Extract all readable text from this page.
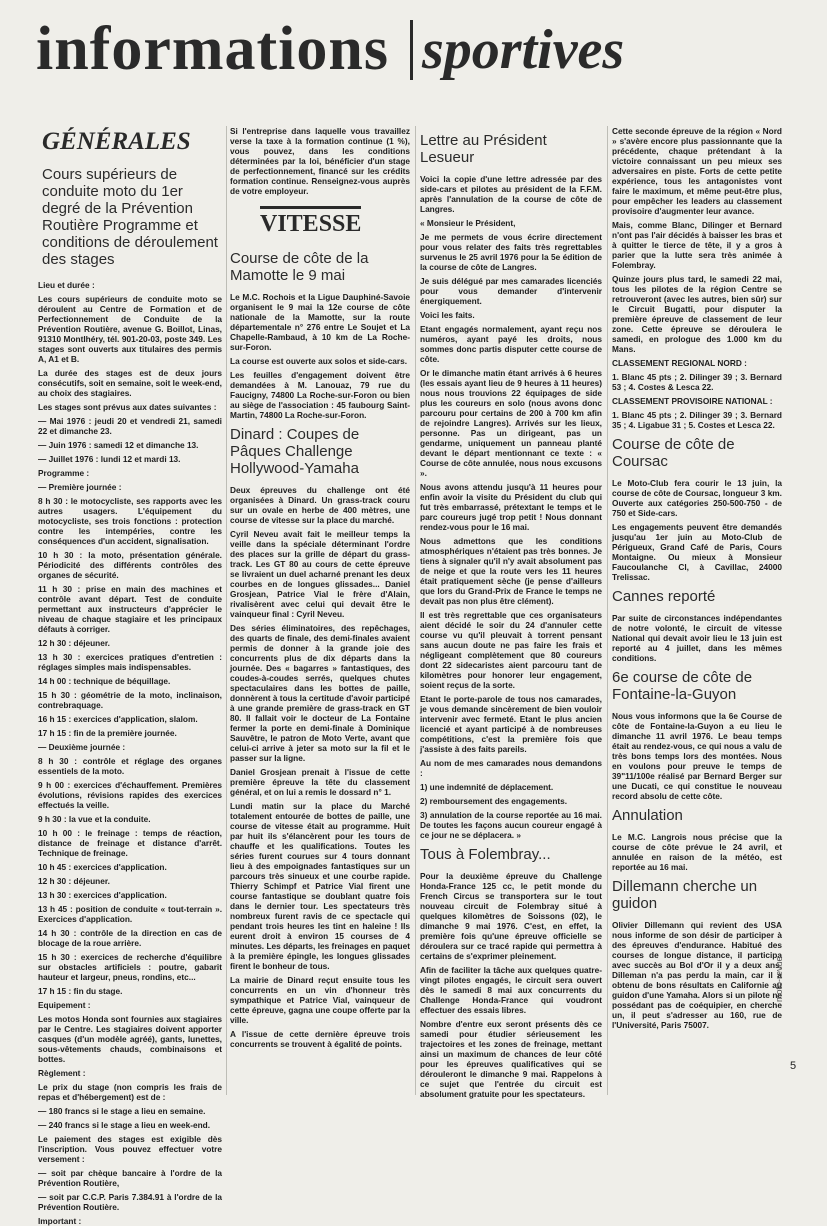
informations sportives
GÉNÉRALES
Cours supérieurs de conduite moto du 1er degré de la Prévention Routière Programme et conditions de déroulement des stages

Lieu et durée :

Les cours supérieurs de conduite moto se déroulent au Centre de Formation et de Perfectionnement de Conduite de la Prévention Routière, avenue G. Boillot, Linas, 91310 Montlhéry, tél. 901-20-03, poste 349. Les stages sont ouverts aux titulaires des permis A, A1 et B.

La durée des stages est de deux jours consécutifs, soit en semaine, soit le week-end, au choix des stagiaires.

Les stages sont prévus aux dates suivantes :

— Mai 1976 : jeudi 20 et vendredi 21, samedi 22 et dimanche 23.

— Juin 1976 : samedi 12 et dimanche 13.

— Juillet 1976 : lundi 12 et mardi 13.

Programme :

— Première journée :

8 h 30 : le motocycliste, ses rapports avec les autres usagers. L'équipement du motocycliste, ses trois fonctions : protection contre les intempéries, contre les conséquences d'un accident, signalisation.

10 h 30 : la moto, présentation générale. Périodicité des différents contrôles des organes de sécurité.

11 h 30 : prise en main des machines et contrôle avant départ. Test de conduite permettant aux instructeurs d'apprécier le niveau de chaque stagiaire et les principaux défauts à corriger.

12 h 30 : déjeuner.

13 h 30 : exercices pratiques d'entretien : réglages simples mais indispensables.

14 h 00 : technique de béquillage.

15 h 30 : géométrie de la moto, inclinaison, contrebraquage.

16 h 15 : exercices d'application, slalom.

17 h 15 : fin de la première journée.

— Deuxième journée :

8 h 30 : contrôle et réglage des organes essentiels de la moto.

9 h 00 : exercices d'échauffement. Premières évolutions, révisions rapides des exercices effectués la veille.

9 h 30 : la vue et la conduite.

10 h 00 : le freinage : temps de réaction, distance de freinage et distance d'arrêt. Technique de freinage.

10 h 45 : exercices d'application.

12 h 30 : déjeuner.

13 h 30 : exercices d'application.

13 h 45 : position de conduite « tout-terrain ». Exercices d'application.

14 h 30 : contrôle de la direction en cas de blocage de la roue arrière.

15 h 30 : exercices de recherche d'équilibre sur obstacles artificiels : poutre, gabarit hauteur et largeur, pneus, rondins, etc...

17 h 15 : fin du stage.

Equipement :

Les motos Honda sont fournies aux stagiaires par le Centre. Les stagiaires doivent apporter casques (d'un modèle agréé), gants, lunettes, sous-vêtements chauds, combinaisons et bottes.

Règlement :

Le prix du stage (non compris les frais de repas et d'hébergement) est de :

— 180 francs si le stage a lieu en semaine.

— 240 francs si le stage a lieu en week-end.

Le paiement des stages est exigible dès l'inscription. Vous pouvez effectuer votre versement :

— soit par chèque bancaire à l'ordre de la Prévention Routière,

— soit par C.C.P. Paris 7.384.91 à l'ordre de la Prévention Routière.

Important :

Si l'entreprise dans laquelle vous travaillez verse la taxe à la formation continue (1 %), vous pouvez, dans les conditions déterminées par la loi, bénéficier d'un stage de perfectionnement, financé sur les crédits formation continue. Renseignez-vous auprès de votre employeur.

VITESSE
Course de côte de la Mamotte le 9 mai

Le M.C. Rochois et la Ligue Dauphiné-Savoie organisent le 9 mai la 12e course de côte nationale de la Mamotte, sur la route départementale n° 276 entre Le Soujet et La Chapelle-Rambaud, à 10 km de La Roche-sur-Foron.

La course est ouverte aux solos et side-cars.

Les feuilles d'engagement doivent être demandées à M. Lanouaz, 79 rue du Faucigny, 74800 La Roche-sur-Foron ou bien au siège de l'association : 45 faubourg Saint-Martin, 74800 La Roche-sur-Foron.

Dinard : Coupes de Pâques Challenge Hollywood-Yamaha

Deux épreuves du challenge ont été organisées à Dinard. Un grass-track couru sur un ovale en herbe de 400 mètres, une course de vitesse sur la place du marché.

Cyril Neveu avait fait le meilleur temps la veille dans la spéciale déterminant l'ordre des places sur la grille de départ du grass-track. Les GT 80 au cours de cette épreuve se livraient un duel acharné prenant les deux courbes en de longues glissades... Daniel Grosjean, Patrice Vial le frère d'Alain, rivalisèrent avec celui qui devait être le vainqueur final : Cyril Neveu.

Des séries éliminatoires, des repêchages, des quarts de finale, des demi-finales avaient permis de donner à la grande joie des concurrents plus de dix départs dans la journée. Des « bagarres » fantastiques, des coudes-à-coudes serrés, quelques chutes spectaculaires dans les bottes de paille, donnèrent à tous la certitude d'avoir participé à une grande première de grass-track en GT 80. Il fallait voir le docteur de La Fontaine fermer la porte en demi-finale à Dominique Sauvêtre, le patron de Moto Verte, avant que celui-ci arrive à jeter sa moto sur la fil et le passer sur la ligne.

Daniel Grosjean prenait à l'issue de cette première épreuve la tête du classement général, et on lui a remis le dossard n° 1.

Lundi matin sur la place du Marché totalement entourée de bottes de paille, une course de vitesse était au programme. Huit par huit ils s'élancèrent pour les tours de chauffe et les qualifications. Toutes les séries furent courues sur 4 tours donnant lieu à des empoignades fantastiques sur un parcours très sinueux et une courbe rapide. Thierry Schimpf et Patrice Vial firent une course fantastique se doublant quatre fois dans le dernier tour. Les spectateurs très nombreux furent ravis de ce spectacle qui pendant trois heures les tint en haleine ! Ils eurent droit à environ 15 courses de 4 minutes. Les départs, les freinages en paquet à la première épingle, les longues glissades firent le bonheur de tous.

La mairie de Dinard reçut ensuite tous les concurrents en un vin d'honneur très sympathique et Patrice Vial, vainqueur de cette épreuve, gagna une coupe offerte par la ville.

A l'issue de cette dernière épreuve trois concurrents se trouvent à égalité de points.

Lettre au Président Lesueur

Voici la copie d'une lettre adressée par des side-cars et pilotes au président de la F.F.M. après l'annulation de la course de côte de Langres.

« Monsieur le Président,

Je me permets de vous écrire directement pour vous relater des faits très regrettables survenus le 25 avril 1976 pour la 5e édition de la course de côte de Langres.

Je suis délégué par mes camarades licenciés pour vous demander d'intervenir énergiquement.

Voici les faits.

Etant engagés normalement, ayant reçu nos numéros, ayant payé les droits, nous sommes donc partis disputer cette course de côte.

Or le dimanche matin étant arrivés à 6 heures (les essais ayant lieu de 9 heures à 11 heures) nous nous trouvions 22 équipages de side plus les coureurs en solo (nous avons donc parcouru pour certains de 200 à 700 km afin de rejoindre Langres). Arrivés sur les lieux, personne. Pas un dirigeant, pas un gendarme, uniquement un panneau planté devant le départ mentionnant ce texte : « Course de côte annulée, nous nous excusons ».

Nous avons attendu jusqu'à 11 heures pour enfin avoir la visite du Président du club qui fut très embarrassé, prétextant le temps et le parc coureurs jugé trop petit ! Nous donnant rendez-vous pour le 16 mai.

Nous admettons que les conditions atmosphériques n'étaient pas très bonnes. Je tiens à signaler qu'il n'y avait absolument pas de neige et que la route vers les 11 heures était pratiquement sèche (je pense d'ailleurs que lors du Grand-Prix de France le temps ne devait pas non plus être clément).

Il est très regrettable que ces organisateurs aient décidé le soir du 24 d'annuler cette course vu qu'il pleuvait à torrent pensant sans aucun doute ne pas faire les frais et négligeant complètement que 80 coureurs dont 22 sidecaristes aient parcouru tant de kilomètres pour honorer leur engagement, soient reçus de la sorte.

Etant le porte-parole de tous nos camarades, je vous demande sincèrement de bien vouloir intervenir avec fermeté. Etant le plus ancien licencié et ayant participé à de nombreuses compétitions, c'est la première fois que j'assiste à des faits pareils.

Au nom de mes camarades nous demandons :

1) une indemnité de déplacement.

2) remboursement des engagements.

3) annulation de la course reportée au 16 mai. De toutes les façons aucun coureur engagé à ce jour ne se déplacera. »

Tous à Folembray...

Pour la deuxième épreuve du Challenge Honda-France 125 cc, le petit monde du French Circus se transportera sur le tout nouveau circuit de Folembray situé à quelques kilomètres de Soissons (02), le dimanche 9 mai 1976. C'est, en effet, la première fois qu'une épreuve officielle se déroulera sur ce tracé rapide qui permettra à certains de s'exprimer pleinement.

Afin de faciliter la tâche aux quelques quatre-vingt pilotes engagés, le circuit sera ouvert dès le samedi 8 mai aux concurrents du Challenge Honda-France qui voudront effectuer des essais libres.

Nombre d'entre eux seront présents dès ce samedi pour étudier sérieusement les trajectoires et les zones de freinage, mettant ainsi un maximum de chances de leur côté pour les épreuves qualificatives qui se dérouleront le dimanche 9 mai. Rappelons à ce sujet que l'entrée du circuit est absolument gratuite pour les spectateurs.

Cette seconde épreuve de la région « Nord » s'avère encore plus passionnante que la précédente, chaque prétendant à la victoire connaissant un peu mieux ses adversaires en piste. Forts de cette petite expérience, tous les antagonistes vont faire le maximum, et même peut-être plus, pour empêcher les leaders au classement provisoire d'augmenter leur avance.

Mais, comme Blanc, Dilinger et Bernard n'ont pas l'air décidés à baisser les bras et à quitter le tierce de tête, il y a gros à parier que la lutte sera très animée à Folembray.

Quinze jours plus tard, le samedi 22 mai, tous les pilotes de la région Centre se retrouveront (avec les autres, bien sûr) sur le Circuit Bugatti, pour disputer la première épreuve de classement de leur zone. Cette épreuve se déroulera le samedi, en prologue des 1.000 km du Mans.

CLASSEMENT REGIONAL NORD :

1. Blanc 45 pts ; 2. Dilinger 39 ; 3. Bernard 53 ; 4. Costes & Lesca 22.

CLASSEMENT PROVISOIRE NATIONAL :

1. Blanc 45 pts ; 2. Dilinger 39 ; 3. Bernard 35 ; 4. Ligabue 31 ; 5. Costes et Lesca 22.

Course de côte de Coursac

Le Moto-Club fera courir le 13 juin, la course de côte de Coursac, longueur 3 km. Ouverte aux catégories 250-500-750 - de 750 et Side-cars.

Les engagements peuvent être demandés jusqu'au 1er juin au Moto-Club de Périgueux, Grand Café de Paris, Cours Montaigne. Ou mieux à Monsieur Faucoulanche Cl, à Cavillac, 24000 Trelissac.

Cannes reporté

Par suite de circonstances indépendantes de notre volonté, le circuit de vitesse National qui devait avoir lieu le 13 juin est reporté au 4 juillet, dans les mêmes conditions.

6e course de côte de Fontaine-la-Guyon

Nous vous informons que la 6e Course de côte de Fontaine-la-Guyon a eu lieu le dimanche 11 avril 1976. Le beau temps était au rendez-vous, ce qui nous a valu de très bons temps lors des montées. Nous en voulons pour preuve le temps de 39"11/100e réalisé par Bernard Berger sur une Ducati, ce qui constitue le nouveau record absolu de cette côte.

Annulation

Le M.C. Langrois nous précise que la course de côte prévue le 24 avril, et annulée en raison de la météo, est reportée au 16 mai.

Dillemann cherche un guidon

Olivier Dillemann qui revient des USA nous informe de son désir de participer à des épreuves d'endurance. Habitué des courses de longue distance, il participa avec succès au Bol d'Or il y a deux ans. Dilleman n'a pas perdu la main, car il a obtenu de bons résultats en Californie au guidon d'une Yamaha. Alors si un pilote ne possédant pas de coéquipier, en cherche un, il peut s'adresser au 160, rue de l'Université, Paris 75007.

moto-revue
5
